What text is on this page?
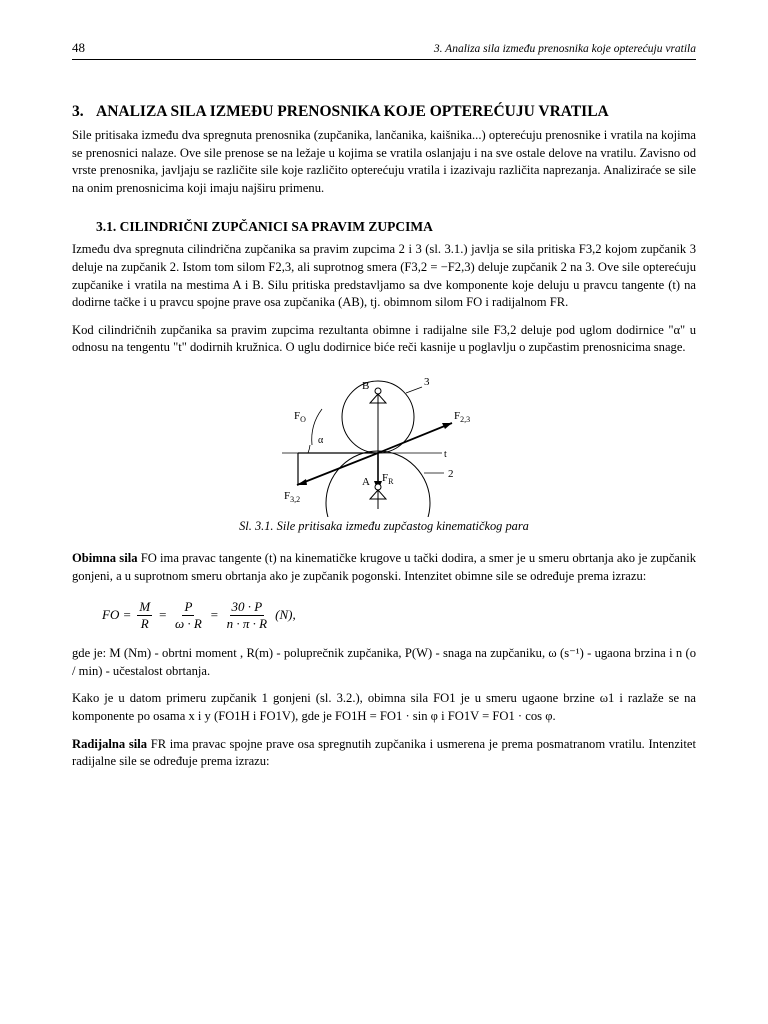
48	3. Analiza sila između prenosnika koje opterećuju vratila
3. ANALIZA SILA IZMEĐU PRENOSNIKA KOJE OPTEREĆUJU VRATILA

Sile pritisaka između dva spregnuta prenosnika (zupčanika, lančanika, kaišnika...) opterećuju prenosnike i vratila na kojima se prenosnici nalaze. Ove sile prenose se na ležaje u kojima se vratila oslanjaju i na sve ostale delove na vratilu. Zavisno od vrste prenosnika, javljaju se različite sile koje različito opterećuju vratila i izazivaju različita naprezanja. Analiziraće se sile na onim prenosnicima koji imaju najširu primenu.

3.1. CILINDRIČNI ZUPČANICI SA PRAVIM ZUPCIMA

Između dva spregnuta cilindrična zupčanika sa pravim zupcima 2 i 3 (sl. 3.1.) javlja se sila pritiska F3,2 kojom zupčanik 3 deluje na zupčanik 2. Istom tom silom F2,3, ali suprotnog smera (F3,2 = −F2,3) deluje zupčanik 2 na 3. Ove sile opterećuju zupčanike i vratila na mestima A i B. Silu pritiska predstavljamo sa dve komponente koje deluju u pravcu tangente (t) na dodirne tačke i u pravcu spojne prave osa zupčanika (AB), tj. obimnom silom FO i radijalnom FR.

Kod cilindričnih zupčanika sa pravim zupcima rezultanta obimne i radijalne sile F3,2 deluje pod uglom dodirnice "α" u odnosu na tengentu "t" dodirnih kružnica. O uglu dodirnice biće reči kasnije u poglavlju o zupčastim prenosnicima snage.

B
A
3
2
t
α
$F_O$
$F_R$
$F_{2,3}$
$F_{3,2}$
Sl. 3.1. Sile pritisaka između zupčastog kinematičkog para

Obimna sila FO ima pravac tangente (t) na kinematičke krugove u tački dodira, a smer je u smeru obrtanja ako je zupčanik gonjeni, a u suprotnom smeru obrtanja ako je zupčanik pogonski. Intenzitet obimne sile se određuje prema izrazu:

FO = $\frac{M}{R} = \frac{P}{\omega \cdot R} = \frac{30 \cdot P}{n \cdot \pi \cdot R} (N)$,

gde je: M (Nm) - obrtni moment , R(m) - poluprečnik zupčanika, P(W) - snaga na zupčaniku, ω (s⁻¹) - ugaona brzina i n (o / min) - učestalost obrtanja.

Kako je u datom primeru zupčanik 1 gonjeni (sl. 3.2.), obimna sila FO1 je u smeru ugaone brzine ω1 i razlaže se na komponente po osama x i y (FO1H i FO1V), gde je FO1H = FO1 · sin φ i FO1V = FO1 · cos φ.

Radijalna sila FR ima pravac spojne prave osa spregnutih zupčanika i usmerena je prema posmatranom vratilu. Intenzitet radijalne sile se određuje prema izrazu:
